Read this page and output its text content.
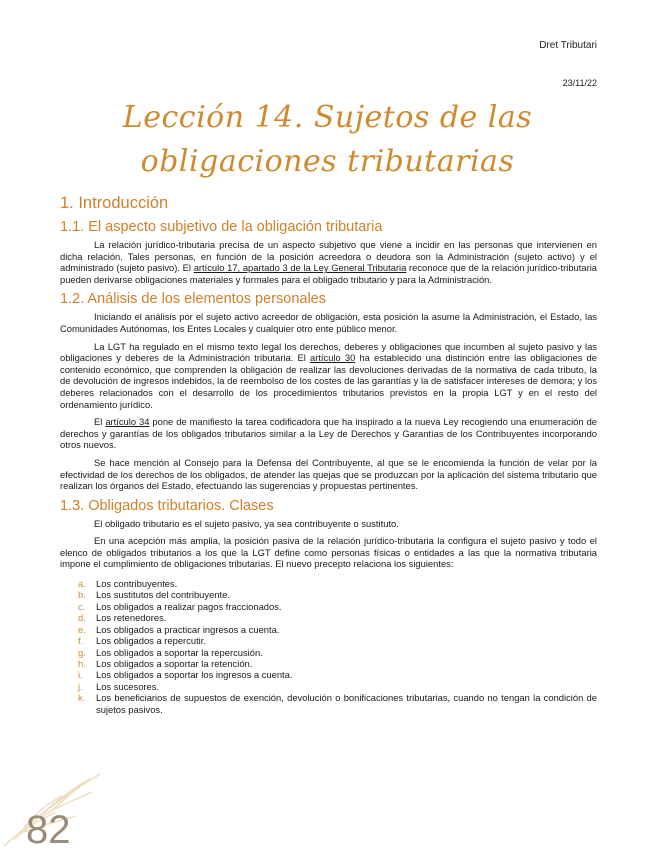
Dret Tributari
23/11/22
Lección 14. Sujetos de las obligaciones tributarias
1. Introducción
1.1. El aspecto subjetivo de la obligación tributaria

La relación jurídico-tributaria precisa de un aspecto subjetivo que viene a incidir en las personas que intervienen en dicha relación. Tales personas, en función de la posición acreedora o deudora son la Administración (sujeto activo) y el administrado (sujeto pasivo). El artículo 17, apartado 3 de la Ley General Tributaria reconoce que de la relación jurídico-tributaria pueden derivarse obligaciones materiales y formales para el obligado tributario y para la Administración.

1.2. Análisis de los elementos personales

Iniciando el análisis por el sujeto activo acreedor de obligación, esta posición la asume la Administración, el Estado, las Comunidades Autónomas, los Entes Locales y cualquier otro ente público menor.

La LGT ha regulado en el mismo texto legal los derechos, deberes y obligaciones que incumben al sujeto pasivo y las obligaciones y deberes de la Administración tributaria. El artículo 30 ha establecido una distinción entre las obligaciones de contenido económico, que comprenden la obligación de realizar las devoluciones derivadas de la normativa de cada tributo, la de devolución de ingresos indebidos, la de reembolso de los costes de las garantías y la de satisfacer intereses de demora; y los deberes relacionados con el desarrollo de los procedimientos tributarios previstos en la propia LGT y en el resto del ordenamiento jurídico.

El artículo 34 pone de manifiesto la tarea codificadora que ha inspirado a la nueva Ley recogiendo una enumeración de derechos y garantías de los obligados tributarios similar a la Ley de Derechos y Garantías de los Contribuyentes incorporando otros nuevos.

Se hace mención al Consejo para la Defensa del Contribuyente, al que se le encomienda la función de velar por la efectividad de los derechos de los obligados, de atender las quejas que se produzcan por la aplicación del sistema tributario que realizan los órganos del Estado, efectuando las sugerencias y propuestas pertinentes.

1.3. Obligados tributarios. Clases

El obligado tributario es el sujeto pasivo, ya sea contribuyente o sustituto.

En una acepción más amplia, la posición pasiva de la relación jurídico-tributaria la configura el sujeto pasivo y todo el elenco de obligados tributarios a los que la LGT define como personas físicas o entidades a las que la normativa tributaria impone el cumplimiento de obligaciones tributarias. El nuevo precepto relaciona los siguientes:

a. Los contribuyentes.
b. Los sustitutos del contribuyente.
c. Los obligados a realizar pagos fraccionados.
d. Los retenedores.
e. Los obligados a practicar ingresos a cuenta.
f. Los obligados a repercutir.
g. Los obligados a soportar la repercusión.
h. Los obligados a soportar la retención.
i. Los obligados a soportar los ingresos a cuenta.
j. Los sucesores.
k. Los beneficiarios de supuestos de exención, devolución o bonificaciones tributarias, cuando no tengan la condición de sujetos pasivos.
82
